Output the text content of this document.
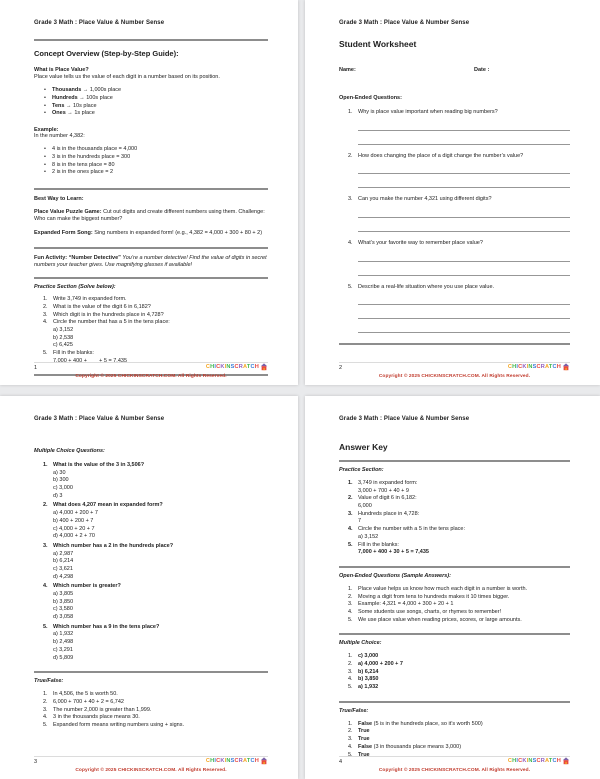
Grade 3 Math : Place Value & Number Sense
Concept Overview (Step-by-Step Guide):
What is Place Value?
Place value tells us the value of each digit in a number based on its position.
• Thousands → 1,000s place
• Hundreds → 100s place
• Tens → 10s place
• Ones → 1s place
Example:
In the number 4,382:
• 4 is in the thousands place = 4,000
• 3 is in the hundreds place = 300
• 8 is in the tens place = 80
• 2 is in the ones place = 2
Best Way to Learn:
Place Value Puzzle Game: Cut out digits and create different numbers using them. Challenge: Who can make the biggest number?
Expanded Form Song: Sing numbers in expanded form! (e.g., 4,382 = 4,000 + 300 + 80 + 2)
Fun Activity: “Number Detective” You’re a number detective! Find the value of digits in secret numbers your teacher gives. Use magnifying glasses if available!
Practice Section (Solve below):
1. Write 3,749 in expanded form.
2. What is the value of the digit 6 in 6,182?
3. Which digit is in the hundreds place in 4,728?
4. Circle the number that has a 5 in the tens place:
a) 3,152
b) 2,538
c) 6,425
5. Fill in the blanks:
7,000 + 400 + ___ + 5 = 7,435
1	CHICKINSCRATCH
Copyright © 2025 CHICKINSCRATCH.COM. All Rights Reserved.
Grade 3 Math : Place Value & Number Sense
Student Worksheet
Name:	Date :
Open-Ended Questions:
1. Why is place value important when reading big numbers?
2. How does changing the place of a digit change the number’s value?
3. Can you make the number 4,321 using different digits?
4. What’s your favorite way to remember place value?
5. Describe a real-life situation where you use place value.
2	CHICKINSCRATCH
Copyright © 2025 CHICKINSCRATCH.COM. All Rights Reserved.
Grade 3 Math : Place Value & Number Sense
Multiple Choice Questions:
1. What is the value of the 3 in 3,506?
a) 30
b) 300
c) 3,000
d) 3
2. What does 4,207 mean in expanded form?
a) 4,000 + 200 + 7
b) 400 + 200 + 7
c) 4,000 + 20 + 7
d) 4,000 + 2 + 70
3. Which number has a 2 in the hundreds place?
a) 2,987
b) 6,214
c) 3,621
d) 4,298
4. Which number is greater?
a) 3,805
b) 3,850
c) 3,580
d) 3,058
5. Which number has a 9 in the tens place?
a) 1,932
b) 2,498
c) 3,291
d) 5,809
True/False:
1. In 4,506, the 5 is worth 50.
2. 6,000 + 700 + 40 + 2 = 6,742
3. The number 2,000 is greater than 1,999.
4. 3 in the thousands place means 30.
5. Expanded form means writing numbers using + signs.
3	CHICKINSCRATCH
Copyright © 2025 CHICKINSCRATCH.COM. All Rights Reserved.
Grade 3 Math : Place Value & Number Sense
Answer Key
Practice Section:
1. 3,749 in expanded form:
3,000 + 700 + 40 + 9
2. Value of digit 6 in 6,182:
6,000
3. Hundreds place in 4,728:
7
4. Circle the number with a 5 in the tens place:
a) 3,152
5. Fill in the blanks:
7,000 + 400 + 30 + 5 = 7,435
Open-Ended Questions (Sample Answers):
1. Place value helps us know how much each digit in a number is worth.
2. Moving a digit from tens to hundreds makes it 10 times bigger.
3. Example: 4,321 = 4,000 + 300 + 20 + 1
4. Some students use songs, charts, or rhymes to remember!
5. We use place value when reading prices, scores, or large amounts.
Multiple Choice:
1. c) 3,000
2. a) 4,000 + 200 + 7
3. b) 6,214
4. b) 3,850
5. a) 1,932
True/False:
1. False (5 is in the hundreds place, so it’s worth 500)
2. True
3. True
4. False (3 in thousands place means 3,000)
5. True
4	CHICKINSCRATCH
Copyright © 2025 CHICKINSCRATCH.COM. All Rights Reserved.
